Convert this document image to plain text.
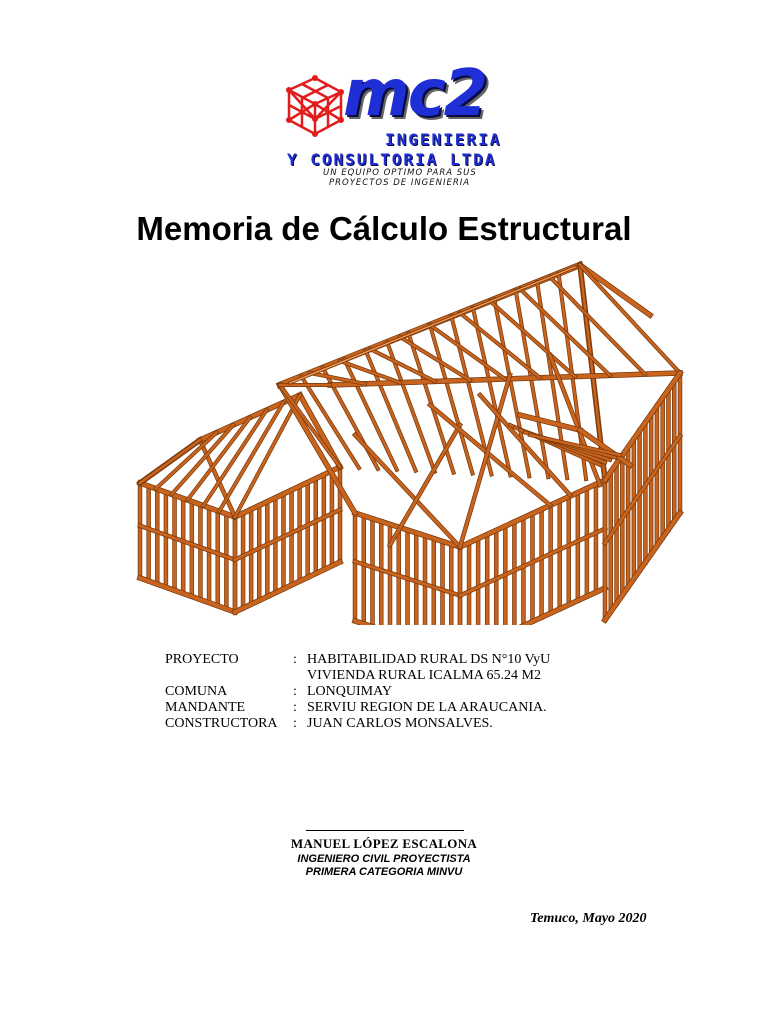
mc2
INGENIERIA
Y CONSULTORIA LTDA
UN EQUIPO OPTIMO PARA SUS
PROYECTOS DE INGENIERIA
Memoria de Cálculo Estructural
PROYECTO	: HABITABILIDAD RURAL DS N°10 VyU
VIVIENDA RURAL ICALMA 65.24 M2
COMUNA	: LONQUIMAY
MANDANTE	: SERVIU REGION DE LA ARAUCANIA.
CONSTRUCTORA	: JUAN CARLOS MONSALVES.
MANUEL LÓPEZ ESCALONA
INGENIERO CIVIL PROYECTISTA
PRIMERA CATEGORIA MINVU
Temuco, Mayo 2020
